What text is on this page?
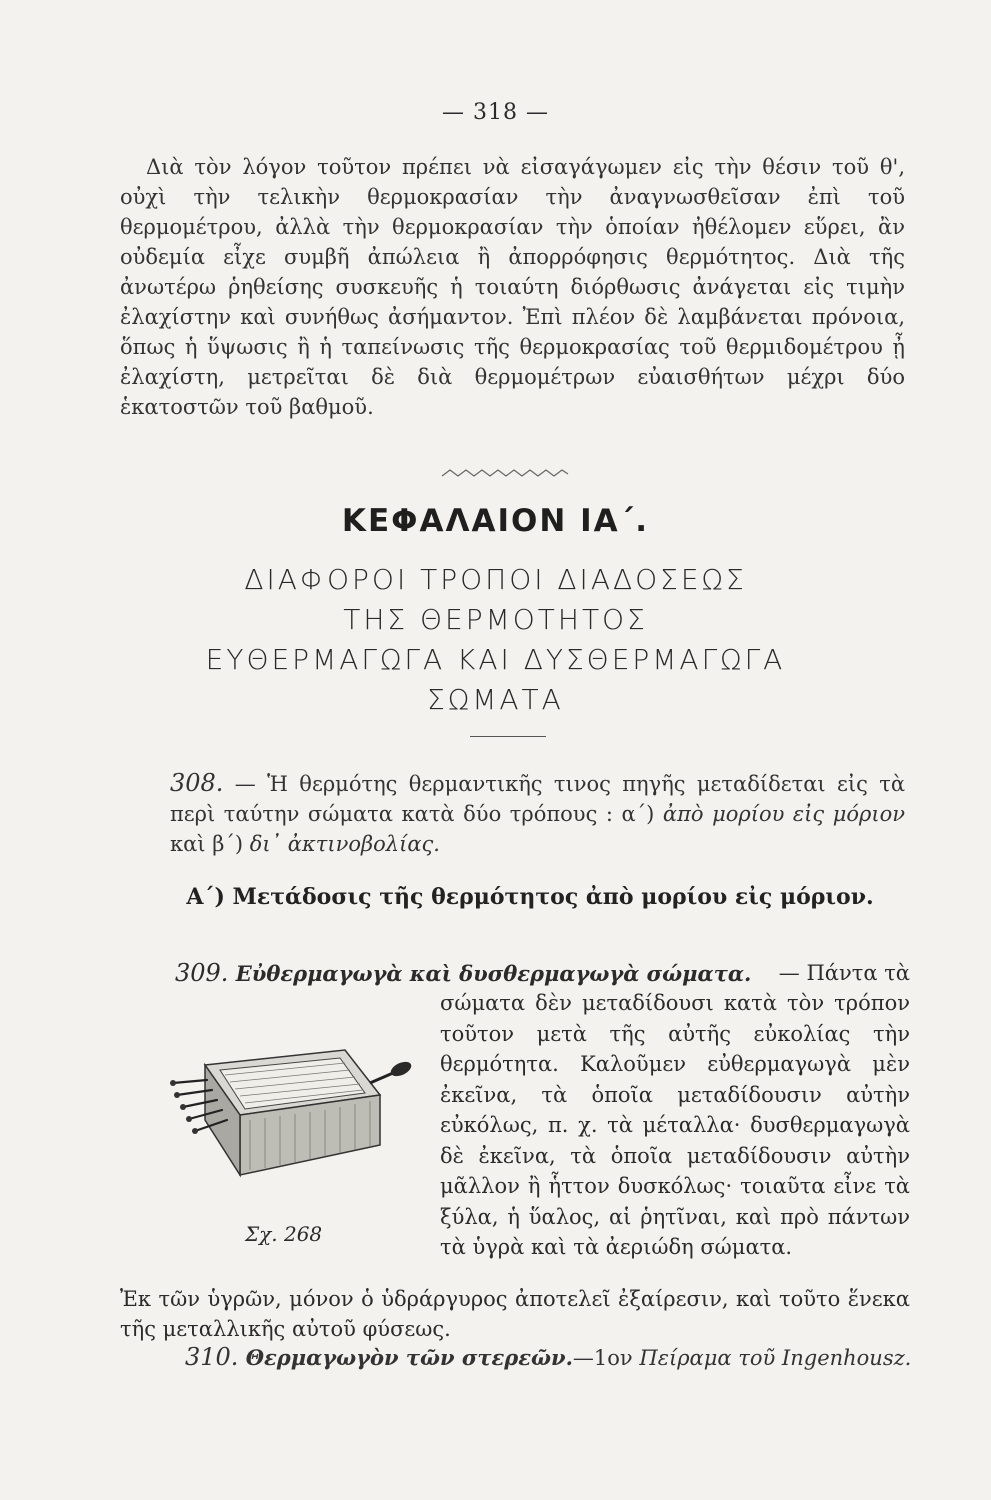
— 318 —
Διὰ τὸν λόγον τοῦτον πρέπει νὰ εἰσαγάγωμεν εἰς τὴν θέσιν τοῦ θ', οὐχὶ τὴν τελικὴν θερμοκρασίαν τὴν ἀναγνωσθεῖσαν ἐπὶ τοῦ θερμομέτρου, ἀλλὰ τὴν θερμοκρασίαν τὴν ὁποίαν ἠθέλομεν εὕρει, ἂν οὐδεμία εἶχε συμβῆ ἀπώλεια ἢ ἀπορρόφησις θερμότητος. Διὰ τῆς ἀνωτέρω ῥηθείσης συσκευῆς ἡ τοιαύτη διόρθωσις ἀνάγεται εἰς τιμὴν ἐλαχίστην καὶ συνήθως ἀσήμαντον. Ἐπὶ πλέον δὲ λαμβάνεται πρόνοια, ὅπως ἡ ὕψωσις ἢ ἡ ταπείνωσις τῆς θερμοκρασίας τοῦ θερμιδομέτρου ᾖ ἐλαχίστη, μετρεῖται δὲ διὰ θερμομέτρων εὐαισθήτων μέχρι δύο ἑκατοστῶν τοῦ βαθμοῦ.
ΚΕΦΑΛΑΙΟΝ ΙΑ΄.
ΔΙΑΦΟΡΟΙ ΤΡΟΠΟΙ ΔΙΑΔΟΣΕΩΣ
ΤΗΣ ΘΕΡΜΟΤΗΤΟΣ
ΕΥΘΕΡΜΑΓΩΓΑ ΚΑΙ ΔΥΣΘΕΡΜΑΓΩΓΑ
ΣΩΜΑΤΑ
308. — Ἡ θερμότης θερμαντικῆς τινος πηγῆς μεταδίδεται εἰς τὰ περὶ ταύτην σώματα κατὰ δύο τρόπους : α΄) ἀπὸ μορίου εἰς μόριον καὶ β΄) δι᾽ ἀκτινοβολίας.
Α΄) Μετάδοσις τῆς θερμότητος ἀπὸ μορίου εἰς μόριον.
309. Εὐθερμαγωγὰ καὶ δυσθερμαγωγὰ σώματα. — Πάντα τὰ
σώματα δὲν μεταδίδουσι κατὰ τὸν τρόπον τοῦτον μετὰ τῆς αὐτῆς εὐκολίας τὴν θερμότητα. Καλοῦμεν εὐθερμαγωγὰ μὲν ἐκεῖνα, τὰ ὁποῖα μεταδίδουσιν αὐτὴν εὐκόλως, π. χ. τὰ μέταλλα· δυσθερμαγωγὰ δὲ ἐκεῖνα, τὰ ὁποῖα μεταδίδουσιν αὐτὴν μᾶλλον ἢ ἧττον δυσκόλως· τοιαῦτα εἶνε τὰ ξύλα, ἡ ὕαλος, αἱ ῥητῖναι, καὶ πρὸ πάντων τὰ ὑγρὰ καὶ τὰ ἀεριώδη σώματα.
Σχ. 268
Ἐκ τῶν ὑγρῶν, μόνον ὁ ὑδράργυρος ἀποτελεῖ ἐξαίρεσιν, καὶ τοῦτο ἕνεκα τῆς μεταλλικῆς αὐτοῦ φύσεως.
310. Θερμαγωγὸν τῶν στερεῶν.—1ον Πείραμα τοῦ Ingenhousz.
